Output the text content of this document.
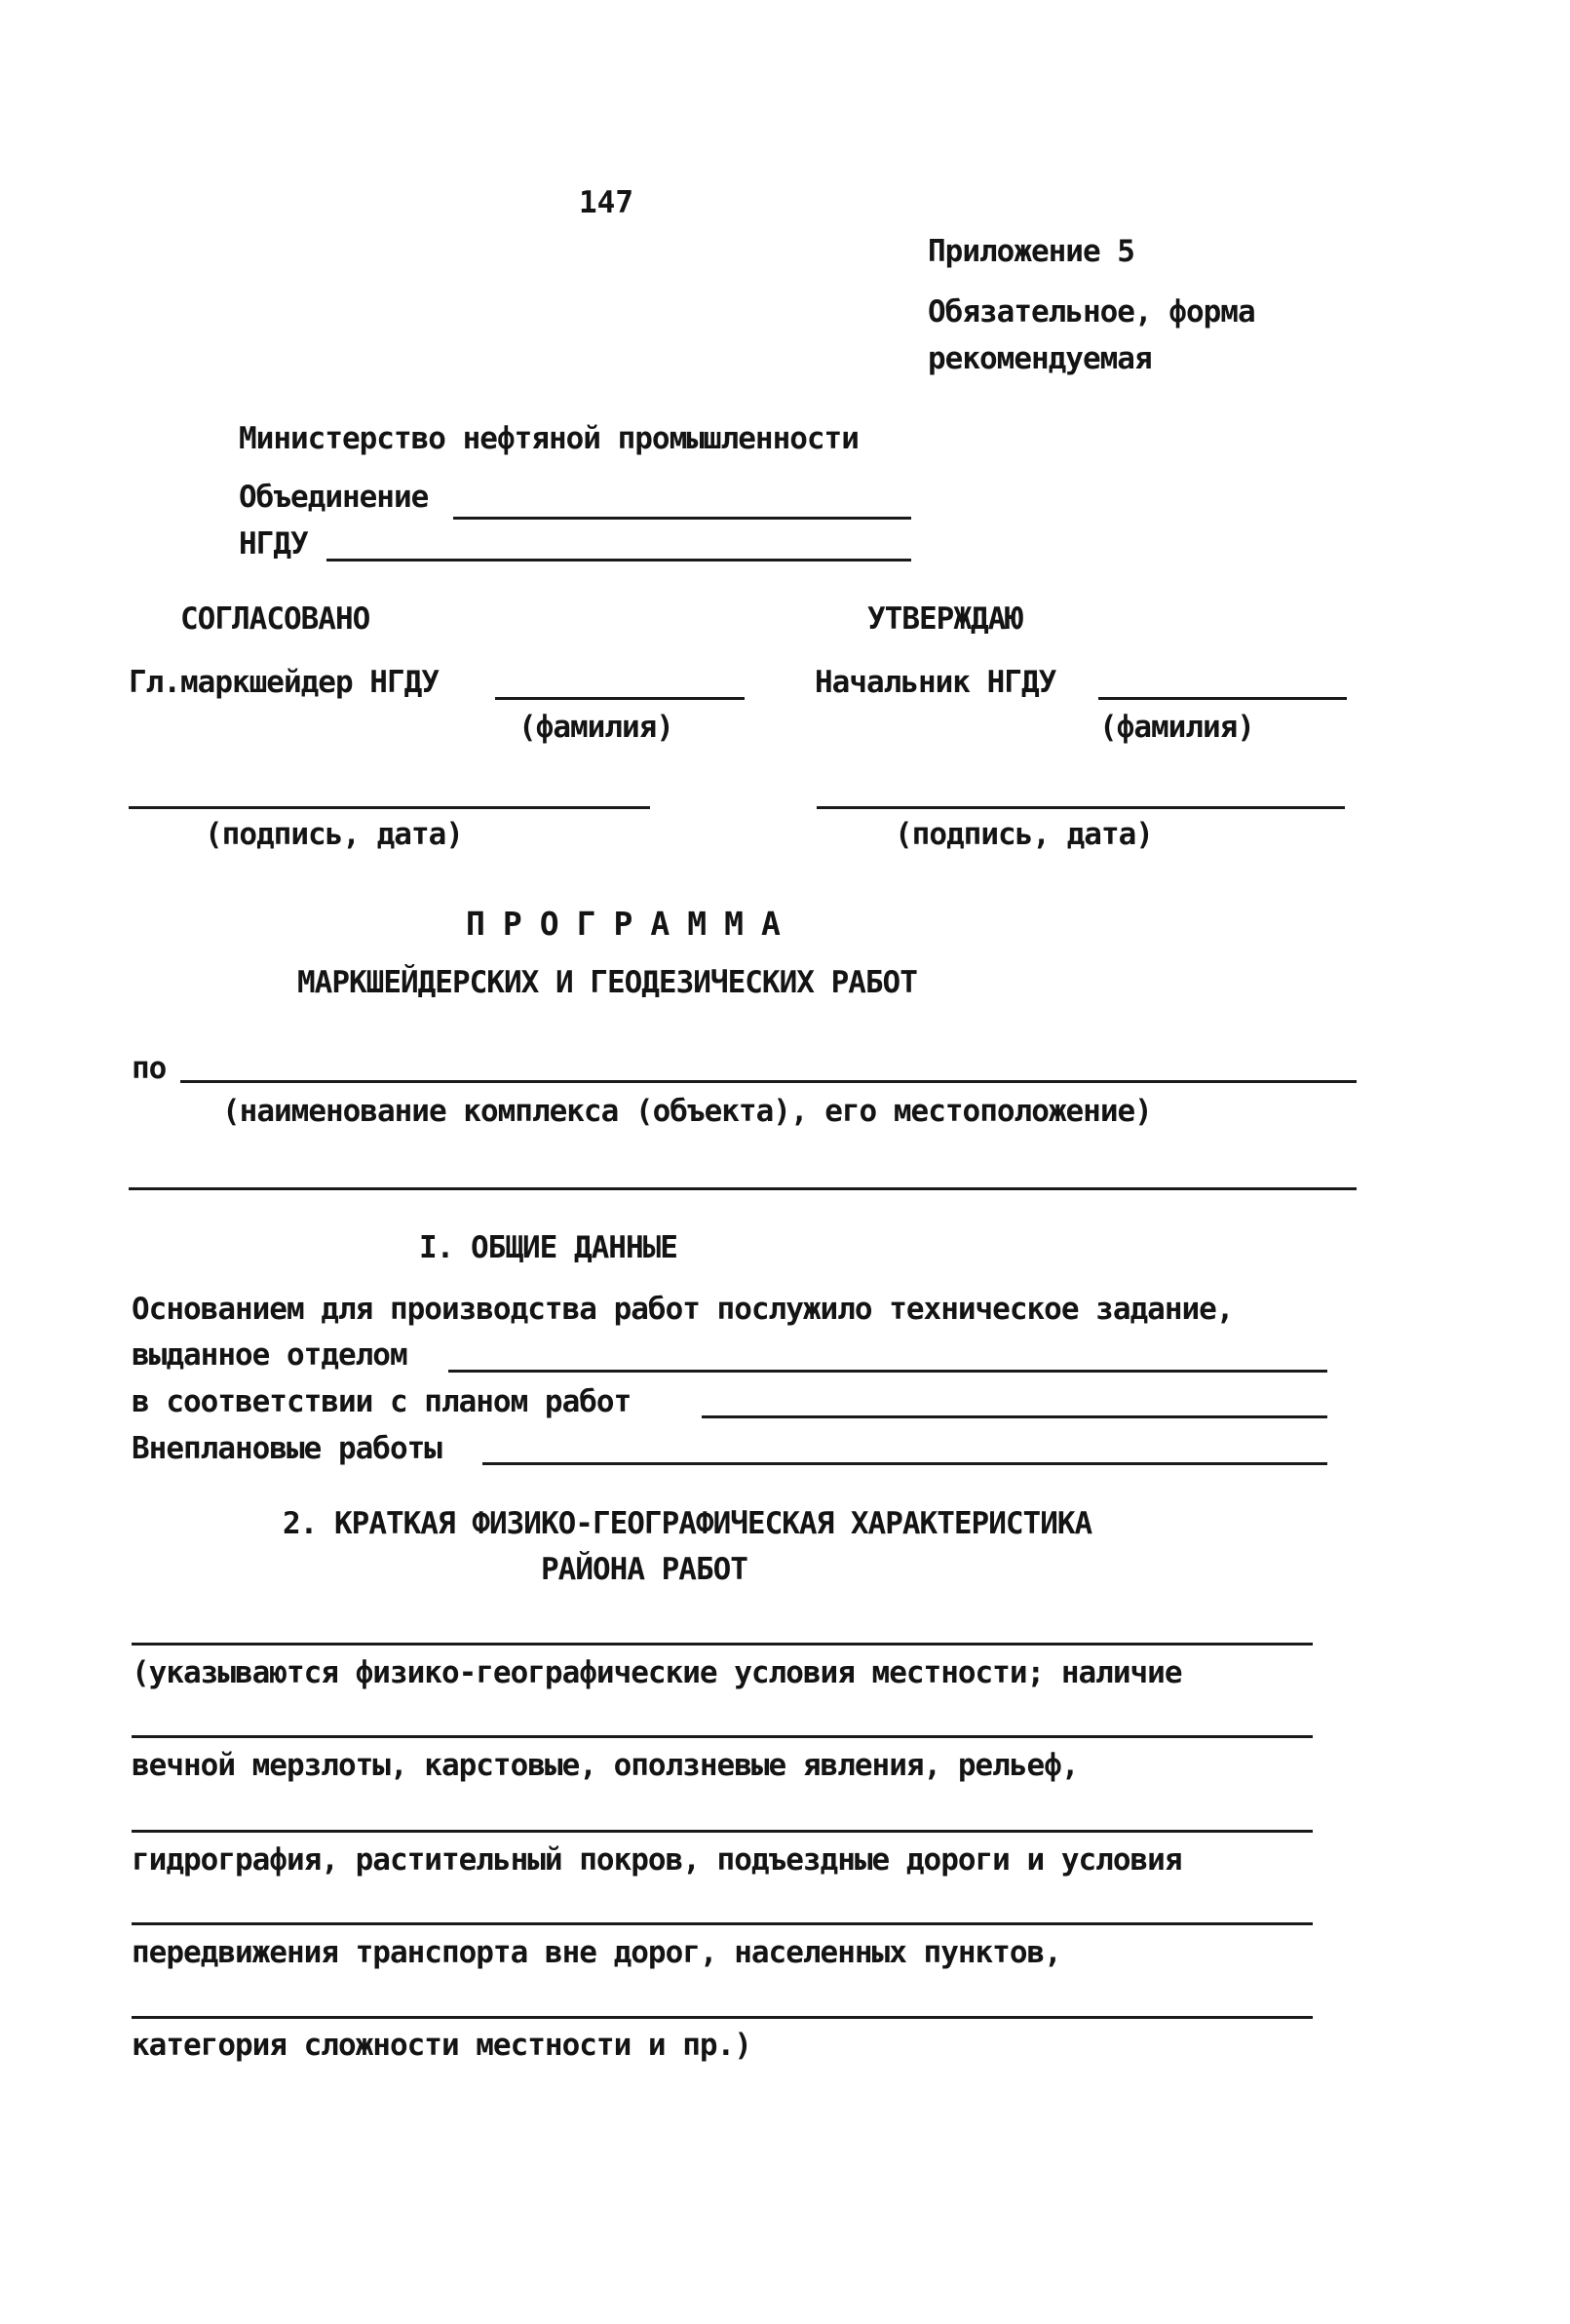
147
Приложение 5
Обязательное, форма
рекомендуемая
Министерство нефтяной промышленности
Объединение
НГДУ
СОГЛАСОВАНО
Гл.маркшейдер НГДУ
(фамилия)
(подпись, дата)
УТВЕРЖДАЮ
Начальник НГДУ
(фамилия)
(подпись, дата)
ПРОГРАММА
МАРКШЕЙДЕРСКИХ И ГЕОДЕЗИЧЕСКИХ РАБОТ
по
(наименование комплекса (объекта), его местоположение)
I. ОБЩИЕ ДАННЫЕ
Основанием для производства работ послужило техническое задание,
выданное отделом
в соответствии с планом работ
Внеплановые работы
2. КРАТКАЯ ФИЗИКО-ГЕОГРАФИЧЕСКАЯ ХАРАКТЕРИСТИКА
РАЙОНА РАБОТ
(указываются физико-географические условия местности; наличие
вечной мерзлоты, карстовые, оползневые явления, рельеф,
гидрография, растительный покров, подъездные дороги и условия
передвижения транспорта вне дорог, населенных пунктов,
категория сложности местности и пр.)
